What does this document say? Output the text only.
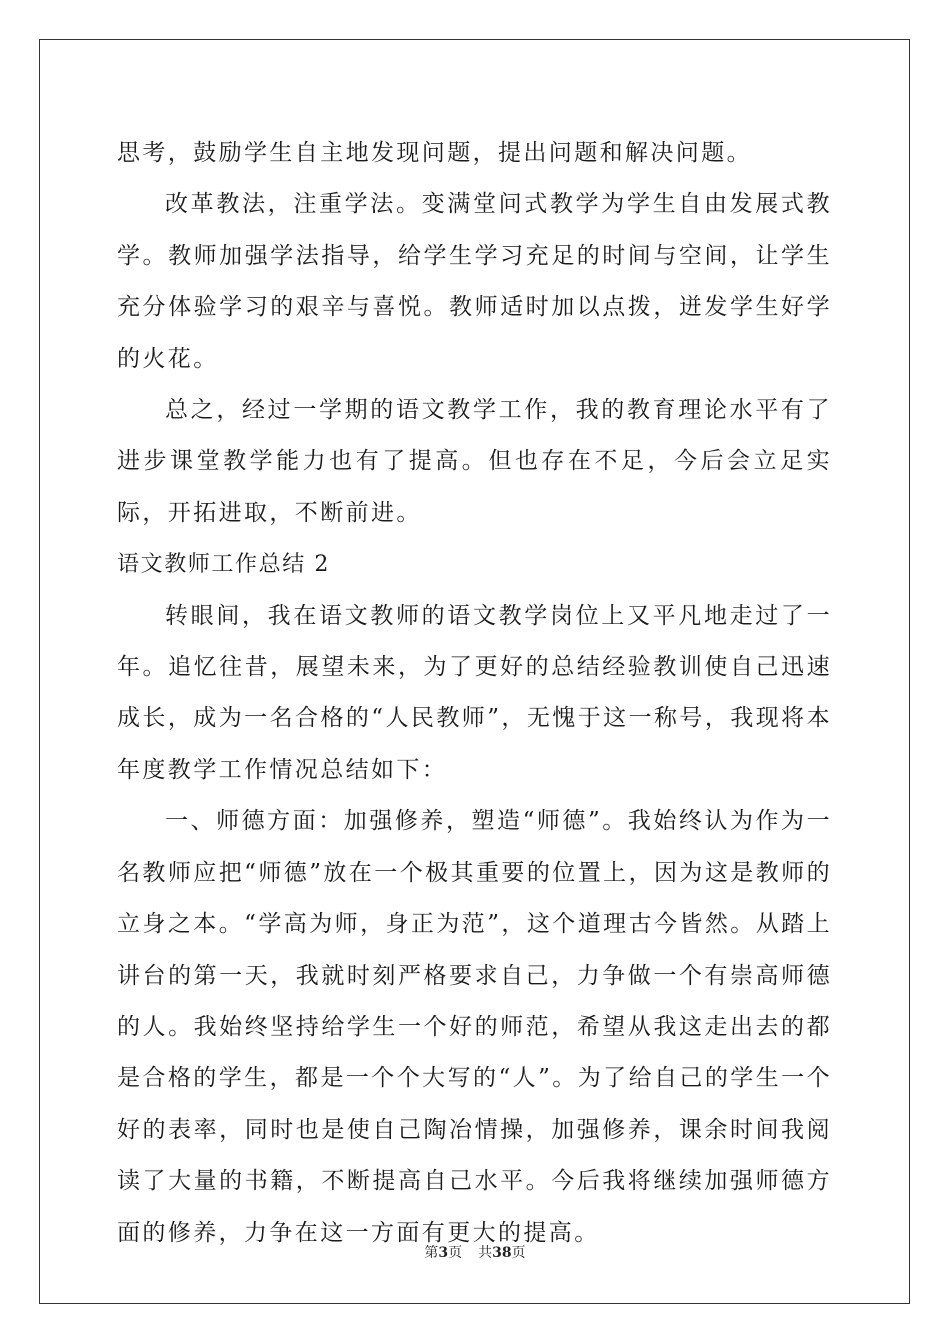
思考，鼓励学生自主地发现问题，提出问题和解决问题。

改革教法，注重学法。变满堂问式教学为学生自由发展式教学。教师加强学法指导，给学生学习充足的时间与空间，让学生充分体验学习的艰辛与喜悦。教师适时加以点拨，迸发学生好学的火花。

总之，经过一学期的语文教学工作，我的教育理论水平有了进步课堂教学能力也有了提高。但也存在不足，今后会立足实际，开拓进取，不断前进。

语文教师工作总结 2

转眼间，我在语文教师的语文教学岗位上又平凡地走过了一年。追忆往昔，展望未来，为了更好的总结经验教训使自己迅速成长，成为一名合格的“人民教师”，无愧于这一称号，我现将本年度教学工作情况总结如下：

一、师德方面：加强修养，塑造“师德”。我始终认为作为一名教师应把“师德”放在一个极其重要的位置上，因为这是教师的立身之本。“学高为师，身正为范”，这个道理古今皆然。从踏上讲台的第一天，我就时刻严格要求自己，力争做一个有崇高师德的人。我始终坚持给学生一个好的师范，希望从我这走出去的都是合格的学生，都是一个个大写的“人”。为了给自己的学生一个好的表率，同时也是使自己陶冶情操，加强修养，课余时间我阅读了大量的书籍，不断提高自己水平。今后我将继续加强师德方面的修养，力争在这一方面有更大的提高。

第3页 共38页
